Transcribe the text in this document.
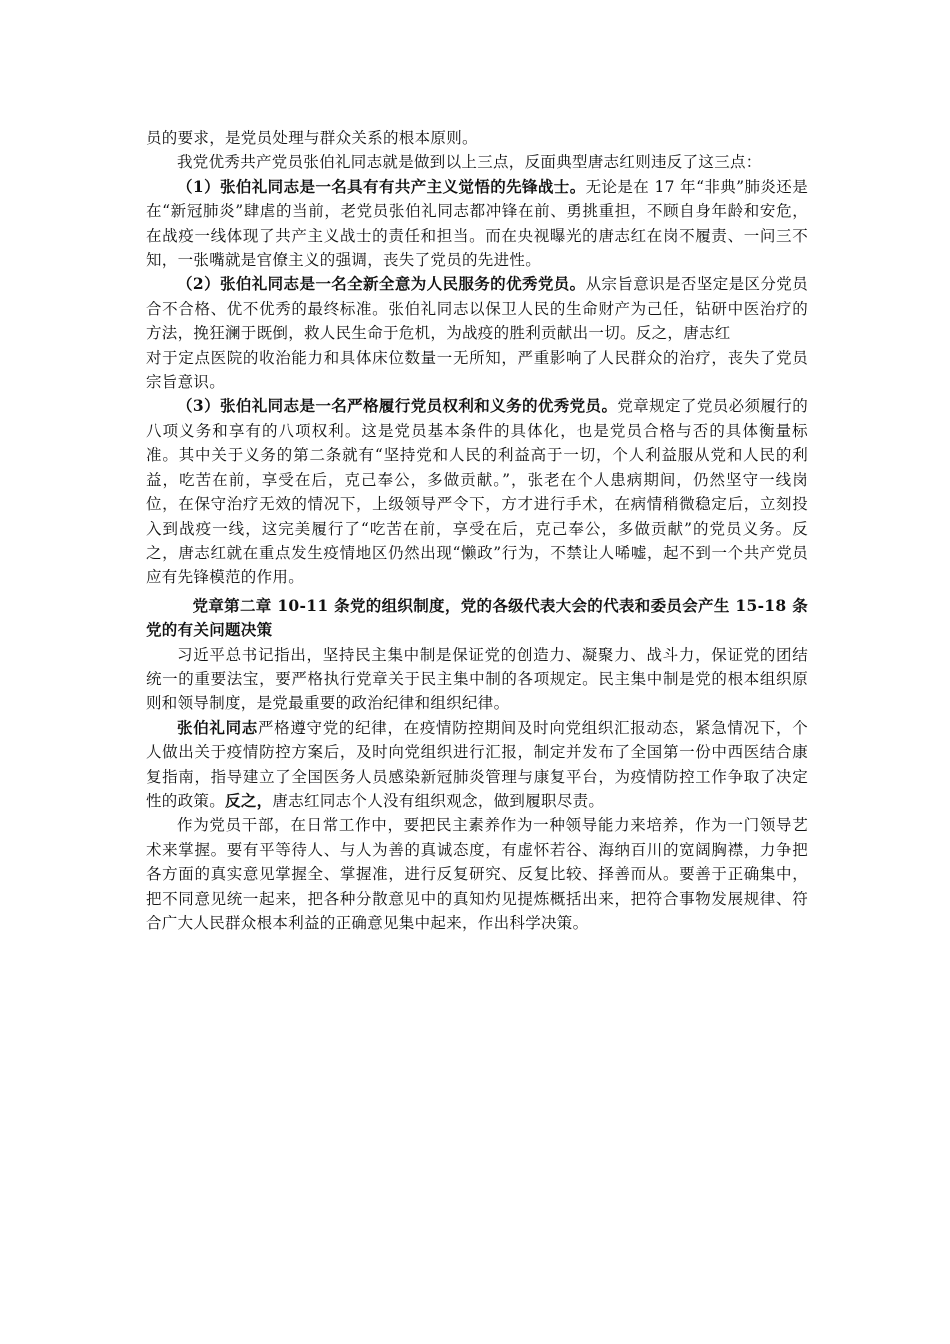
员的要求，是党员处理与群众关系的根本原则。

我党优秀共产党员张伯礼同志就是做到以上三点，反面典型唐志红则违反了这三点：

（1）张伯礼同志是一名具有有共产主义觉悟的先锋战士。无论是在 17 年“非典”肺炎还是在“新冠肺炎”肆虐的当前，老党员张伯礼同志都冲锋在前、勇挑重担，不顾自身年龄和安危，在战疫一线体现了共产主义战士的责任和担当。而在央视曝光的唐志红在岗不履责、一问三不知，一张嘴就是官僚主义的强调，丧失了党员的先进性。

（2）张伯礼同志是一名全新全意为人民服务的优秀党员。从宗旨意识是否坚定是区分党员合不合格、优不优秀的最终标准。张伯礼同志以保卫人民的生命财产为己任，钻研中医治疗的方法，挽狂澜于既倒，救人民生命于危机，为战疫的胜利贡献出一切。反之，唐志红

对于定点医院的收治能力和具体床位数量一无所知，严重影响了人民群众的治疗，丧失了党员宗旨意识。

（3）张伯礼同志是一名严格履行党员权利和义务的优秀党员。党章规定了党员必须履行的八项义务和享有的八项权利。这是党员基本条件的具体化，也是党员合格与否的具体衡量标准。其中关于义务的第二条就有“坚持党和人民的利益高于一切，个人利益服从党和人民的利益，吃苦在前，享受在后，克己奉公，多做贡献。”，张老在个人患病期间，仍然坚守一线岗位，在保守治疗无效的情况下，上级领导严令下，方才进行手术，在病情稍微稳定后，立刻投入到战疫一线，这完美履行了“吃苦在前，享受在后，克己奉公，多做贡献”的党员义务。反之，唐志红就在重点发生疫情地区仍然出现“懒政”行为，不禁让人唏嘘，起不到一个共产党员应有先锋模范的作用。

党章第二章 10-11 条党的组织制度，党的各级代表大会的代表和委员会产生 15-18 条 党的有关问题决策

习近平总书记指出，坚持民主集中制是保证党的创造力、凝聚力、战斗力，保证党的团结统一的重要法宝，要严格执行党章关于民主集中制的各项规定。民主集中制是党的根本组织原则和领导制度，是党最重要的政治纪律和组织纪律。

张伯礼同志严格遵守党的纪律，在疫情防控期间及时向党组织汇报动态，紧急情况下，个人做出关于疫情防控方案后，及时向党组织进行汇报，制定并发布了全国第一份中西医结合康复指南，指导建立了全国医务人员感染新冠肺炎管理与康复平台，为疫情防控工作争取了决定性的政策。反之，唐志红同志个人没有组织观念，做到履职尽责。

作为党员干部，在日常工作中，要把民主素养作为一种领导能力来培养，作为一门领导艺术来掌握。要有平等待人、与人为善的真诚态度，有虚怀若谷、海纳百川的宽阔胸襟，力争把各方面的真实意见掌握全、掌握准，进行反复研究、反复比较、择善而从。要善于正确集中，把不同意见统一起来，把各种分散意见中的真知灼见提炼概括出来，把符合事物发展规律、符合广大人民群众根本利益的正确意见集中起来，作出科学决策。
